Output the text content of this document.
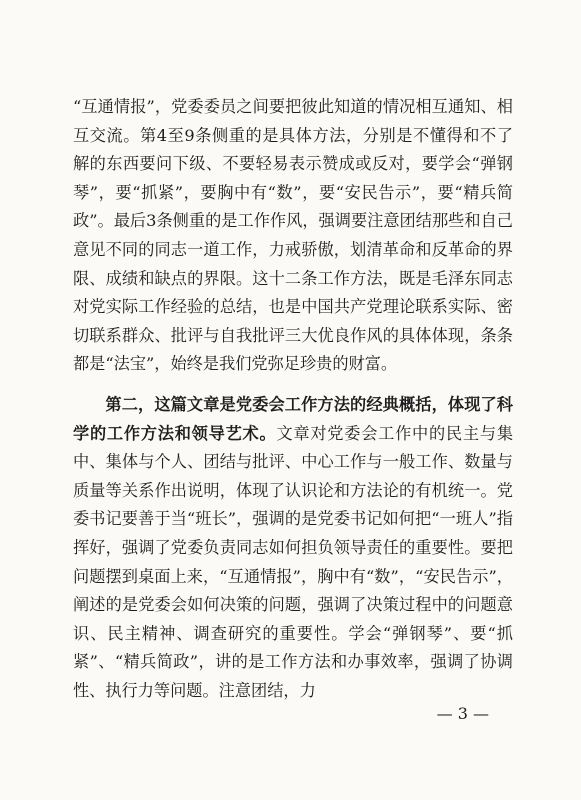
“互通情报”，党委委员之间要把彼此知道的情况相互通知、相互交流。第4至9条侧重的是具体方法，分别是不懂得和不了解的东西要问下级、不要轻易表示赞成或反对，要学会“弹钢琴”，要“抓紧”，要胸中有“数”，要“安民告示”，要“精兵简政”。最后3条侧重的是工作作风，强调要注意团结那些和自己意见不同的同志一道工作，力戒骄傲，划清革命和反革命的界限、成绩和缺点的界限。这十二条工作方法，既是毛泽东同志对党实际工作经验的总结，也是中国共产党理论联系实际、密切联系群众、批评与自我批评三大优良作风的具体体现，条条都是“法宝”，始终是我们党弥足珍贵的财富。

第二，这篇文章是党委会工作方法的经典概括，体现了科学的工作方法和领导艺术。文章对党委会工作中的民主与集中、集体与个人、团结与批评、中心工作与一般工作、数量与质量等关系作出说明，体现了认识论和方法论的有机统一。党委书记要善于当“班长”，强调的是党委书记如何把“一班人”指挥好，强调了党委负责同志如何担负领导责任的重要性。要把问题摆到桌面上来，“互通情报”，胸中有“数”，“安民告示”，阐述的是党委会如何决策的问题，强调了决策过程中的问题意识、民主精神、调查研究的重要性。学会“弹钢琴”、要“抓紧”、“精兵简政”，讲的是工作方法和办事效率，强调了协调性、执行力等问题。注意团结，力

— 3 —
